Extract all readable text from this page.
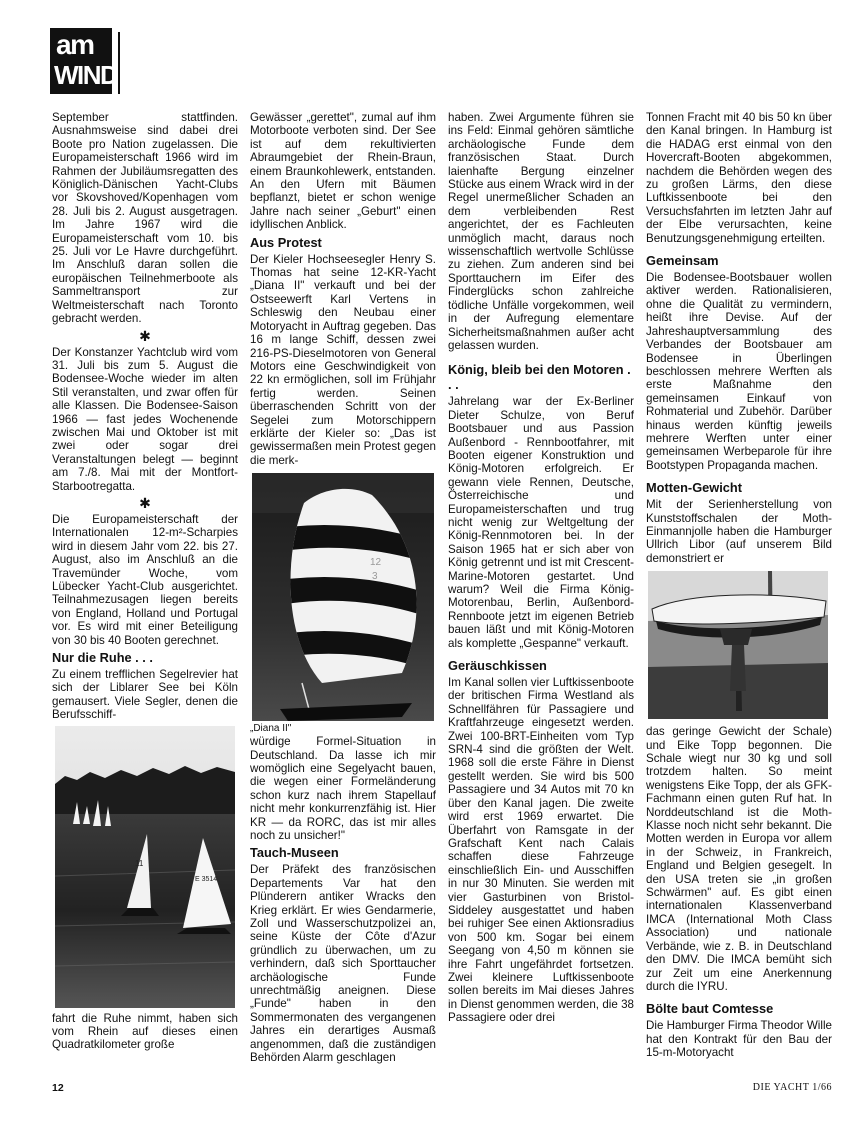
am
WIND

September stattfinden. Ausnahmsweise sind dabei drei Boote pro Nation zugelassen. Die Europameisterschaft 1966 wird im Rahmen der Jubiläumsregatten des Königlich-Dänischen Yacht-Clubs vor Skovshoved/Kopenhagen vom 28. Juli bis 2. August ausgetragen. Im Jahre 1967 wird die Europameisterschaft vom 10. bis 25. Juli vor Le Havre durchgeführt. Im Anschluß daran sollen die europäischen Teilnehmerboote als Sammeltransport zur Weltmeisterschaft nach Toronto gebracht werden.

✱

Der Konstanzer Yachtclub wird vom 31. Juli bis zum 5. August die Bodensee-Woche wieder im alten Stil veranstalten, und zwar offen für alle Klassen. Die Bodensee-Saison 1966 — fast jedes Wochenende zwischen Mai und Oktober ist mit zwei oder sogar drei Veranstaltungen belegt — beginnt am 7./8. Mai mit der Montfort-Starbootregatta.

✱

Die Europameisterschaft der Internationalen 12-m²-Scharpies wird in diesem Jahr vom 22. bis 27. August, also im Anschluß an die Travemünder Woche, vom Lübecker Yacht-Club ausgerichtet. Teilnahmezusagen liegen bereits von England, Holland und Portugal vor. Es wird mit einer Beteiligung von 30 bis 40 Booten gerechnet.

Nur die Ruhe . . .

Zu einem trefflichen Segelrevier hat sich der Liblarer See bei Köln gemausert. Viele Segler, denen die Berufsschiff-

11
E 3514

fahrt die Ruhe nimmt, haben sich vom Rhein auf dieses einen Quadratkilometer große

Gewässer „gerettet", zumal auf ihm Motorboote verboten sind. Der See ist auf dem rekultivierten Abraumgebiet der Rhein-Braun, einem Braunkohlewerk, entstanden. An den Ufern mit Bäumen bepflanzt, bietet er schon wenige Jahre nach seiner „Geburt" einen idyllischen Anblick.

Aus Protest

Der Kieler Hochseesegler Henry S. Thomas hat seine 12-KR-Yacht „Diana II" verkauft und bei der Ostseewerft Karl Vertens in Schleswig den Neubau einer Motoryacht in Auftrag gegeben. Das 16 m lange Schiff, dessen zwei 216-PS-Dieselmotoren von General Motors eine Geschwindigkeit von 22 kn ermöglichen, soll im Frühjahr fertig werden. Seinen überraschenden Schritt von der Segelei zum Motorschippern erklärte der Kieler so: „Das ist gewissermaßen mein Protest gegen die merk-

12
3
„Diana II"

würdige Formel-Situation in Deutschland. Da lasse ich mir womöglich eine Segelyacht bauen, die wegen einer Formeländerung schon kurz nach ihrem Stapellauf nicht mehr konkurrenzfähig ist. Hier KR — da RORC, das ist mir alles noch zu unsicher!"

Tauch-Museen

Der Präfekt des französischen Departements Var hat den Plünderern antiker Wracks den Krieg erklärt. Er wies Gendarmerie, Zoll und Wasserschutzpolizei an, seine Küste der Côte d'Azur gründlich zu überwachen, um zu verhindern, daß sich Sporttaucher archäologische Funde unrechtmäßig aneignen. Diese „Funde" haben in den Sommermonaten des vergangenen Jahres ein derartiges Ausmaß angenommen, daß die zuständigen Behörden Alarm geschlagen

haben. Zwei Argumente führen sie ins Feld: Einmal gehören sämtliche archäologische Funde dem französischen Staat. Durch laienhafte Bergung einzelner Stücke aus einem Wrack wird in der Regel unermeßlicher Schaden an dem verbleibenden Rest angerichtet, der es Fachleuten unmöglich macht, daraus noch wissenschaftlich wertvolle Schlüsse zu ziehen. Zum anderen sind bei Sporttauchern im Eifer des Finderglücks schon zahlreiche tödliche Unfälle vorgekommen, weil in der Aufregung elementare Sicherheitsmaßnahmen außer acht gelassen wurden.

König, bleib bei den Motoren . . .

Jahrelang war der Ex-Berliner Dieter Schulze, von Beruf Bootsbauer und aus Passion Außenbord - Rennbootfahrer, mit Booten eigener Konstruktion und König-Motoren erfolgreich. Er gewann viele Rennen, Deutsche, Österreichische und Europameisterschaften und trug nicht wenig zur Weltgeltung der König-Rennmotoren bei. In der Saison 1965 hat er sich aber von König getrennt und ist mit Crescent-Marine-Motoren gestartet. Und warum? Weil die Firma König-Motorenbau, Berlin, Außenbord-Rennboote jetzt im eigenen Betrieb bauen läßt und mit König-Motoren als komplette „Gespanne" verkauft.

Geräuschkissen

Im Kanal sollen vier Luftkissenboote der britischen Firma Westland als Schnellfähren für Passagiere und Kraftfahrzeuge eingesetzt werden. Zwei 100-BRT-Einheiten vom Typ SRN-4 sind die größten der Welt. 1968 soll die erste Fähre in Dienst gestellt werden. Sie wird bis 500 Passagiere und 34 Autos mit 70 kn über den Kanal jagen. Die zweite wird erst 1969 erwartet. Die Überfahrt von Ramsgate in der Grafschaft Kent nach Calais schaffen diese Fahrzeuge einschließlich Ein- und Ausschiffen in nur 30 Minuten. Sie werden mit vier Gasturbinen von Bristol-Siddeley ausgestattet und haben bei ruhiger See einen Aktionsradius von 500 km. Sogar bei einem Seegang von 4,50 m können sie ihre Fahrt ungefährdet fortsetzen. Zwei kleinere Luftkissenboote sollen bereits im Mai dieses Jahres in Dienst genommen werden, die 38 Passagiere oder drei

Tonnen Fracht mit 40 bis 50 kn über den Kanal bringen. In Hamburg ist die HADAG erst einmal von den Hovercraft-Booten abgekommen, nachdem die Behörden wegen des zu großen Lärms, den diese Luftkissenboote bei den Versuchsfahrten im letzten Jahr auf der Elbe verursachten, keine Benutzungsgenehmigung erteilten.

Gemeinsam

Die Bodensee-Bootsbauer wollen aktiver werden. Rationalisieren, ohne die Qualität zu vermindern, heißt ihre Devise. Auf der Jahreshauptversammlung des Verbandes der Bootsbauer am Bodensee in Überlingen beschlossen mehrere Werften als erste Maßnahme den gemeinsamen Einkauf von Rohmaterial und Zubehör. Darüber hinaus werden künftig jeweils mehrere Werften unter einer gemeinsamen Werbeparole für ihre Bootstypen Propaganda machen.

Motten-Gewicht

Mit der Serienherstellung von Kunststoffschalen der Moth-Einmannjolle haben die Hamburger Ullrich Libor (auf unserem Bild demonstriert er

das geringe Gewicht der Schale) und Eike Topp begonnen. Die Schale wiegt nur 30 kg und soll trotzdem halten. So meint wenigstens Eike Topp, der als GFK-Fachmann einen guten Ruf hat. In Norddeutschland ist die Moth-Klasse noch nicht sehr bekannt. Die Motten werden in Europa vor allem in der Schweiz, in Frankreich, England und Belgien gesegelt. In den USA treten sie „in großen Schwärmen" auf. Es gibt einen internationalen Klassenverband IMCA (International Moth Class Association) und nationale Verbände, wie z. B. in Deutschland den DMV. Die IMCA bemüht sich zur Zeit um eine Anerkennung durch die IYRU.

Bölte baut Comtesse

Die Hamburger Firma Theodor Wille hat den Kontrakt für den Bau der 15-m-Motoryacht

12	DIE YACHT 1/66
